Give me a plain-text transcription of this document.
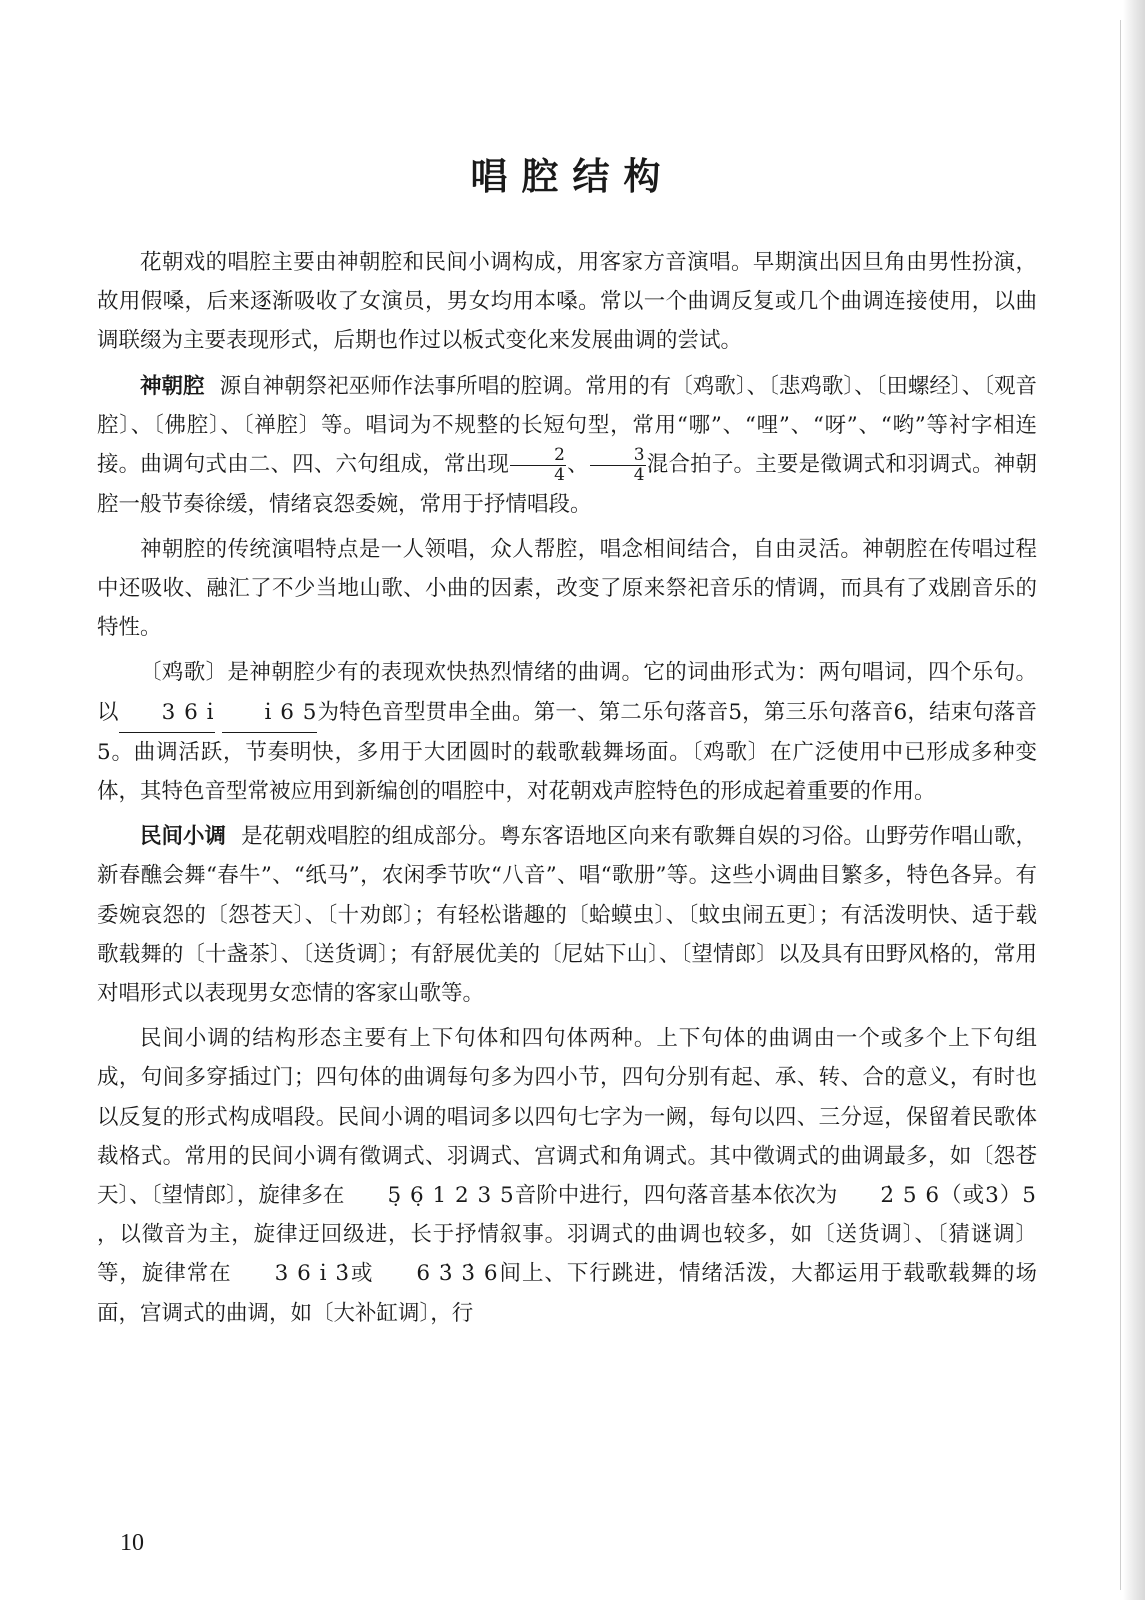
唱腔结构

花朝戏的唱腔主要由神朝腔和民间小调构成，用客家方音演唱。早期演出因旦角由男性扮演，故用假嗓，后来逐渐吸收了女演员，男女均用本嗓。常以一个曲调反复或几个曲调连接使用，以曲调联缀为主要表现形式，后期也作过以板式变化来发展曲调的尝试。

神朝腔 源自神朝祭祀巫师作法事所唱的腔调。常用的有〔鸡歌〕、〔悲鸡歌〕、〔田螺经〕、〔观音腔〕、〔佛腔〕、〔禅腔〕等。唱词为不规整的长短句型，常用“哪”、“哩”、“呀”、“哟”等衬字相连接。曲调句式由二、四、六句组成，常出现 $\frac{2}{4}$ 、 $\frac{3}{4}$ 混合拍子。主要是徵调式和羽调式。神朝腔一般节奏徐缓，情绪哀怨委婉，常用于抒情唱段。

神朝腔的传统演唱特点是一人领唱，众人帮腔，唱念相间结合，自由灵活。神朝腔在传唱过程中还吸收、融汇了不少当地山歌、小曲的因素，改变了原来祭祀音乐的情调，而具有了戏剧音乐的特性。

〔鸡歌〕是神朝腔少有的表现欢快热烈情绪的曲调。它的词曲形式为：两句唱词，四个乐句。以 3 6 i̇ i̇ 6 5为特色音型贯串全曲。第一、第二乐句落音5，第三乐句落音6，结束句落音5。曲调活跃，节奏明快，多用于大团圆时的载歌载舞场面。〔鸡歌〕在广泛使用中已形成多种变体，其特色音型常被应用到新编创的唱腔中，对花朝戏声腔特色的形成起着重要的作用。

民间小调 是花朝戏唱腔的组成部分。粤东客语地区向来有歌舞自娱的习俗。山野劳作唱山歌，新春醮会舞“春牛”、“纸马”，农闲季节吹“八音”、唱“歌册”等。这些小调曲目繁多，特色各异。有委婉哀怨的〔怨苍天〕、〔十劝郎〕；有轻松谐趣的〔蛤蟆虫〕、〔蚊虫闹五更〕；有活泼明快、适于载歌载舞的〔十盏茶〕、〔送货调〕；有舒展优美的〔尼姑下山〕、〔望情郎〕以及具有田野风格的，常用对唱形式以表现男女恋情的客家山歌等。

民间小调的结构形态主要有上下句体和四句体两种。上下句体的曲调由一个或多个上下句组成，句间多穿插过门；四句体的曲调每句多为四小节，四句分别有起、承、转、合的意义，有时也以反复的形式构成唱段。民间小调的唱词多以四句七字为一阙，每句以四、三分逗，保留着民歌体裁格式。常用的民间小调有徵调式、羽调式、宫调式和角调式。其中徵调式的曲调最多，如〔怨苍天〕、〔望情郎〕，旋律多在 5̣ 6̣ 1 2 3 5音阶中进行，四句落音基本依次为 2̇ 5 6（或3）5，以徵音为主，旋律迂回级进，长于抒情叙事。羽调式的曲调也较多，如〔送货调〕、〔猜谜调〕等，旋律常在 3 6 i̇ 3̇或 6 3̇ 3̇ 6间上、下行跳进，情绪活泼，大都运用于载歌载舞的场面，宫调式的曲调，如〔大补缸调〕，行

10
